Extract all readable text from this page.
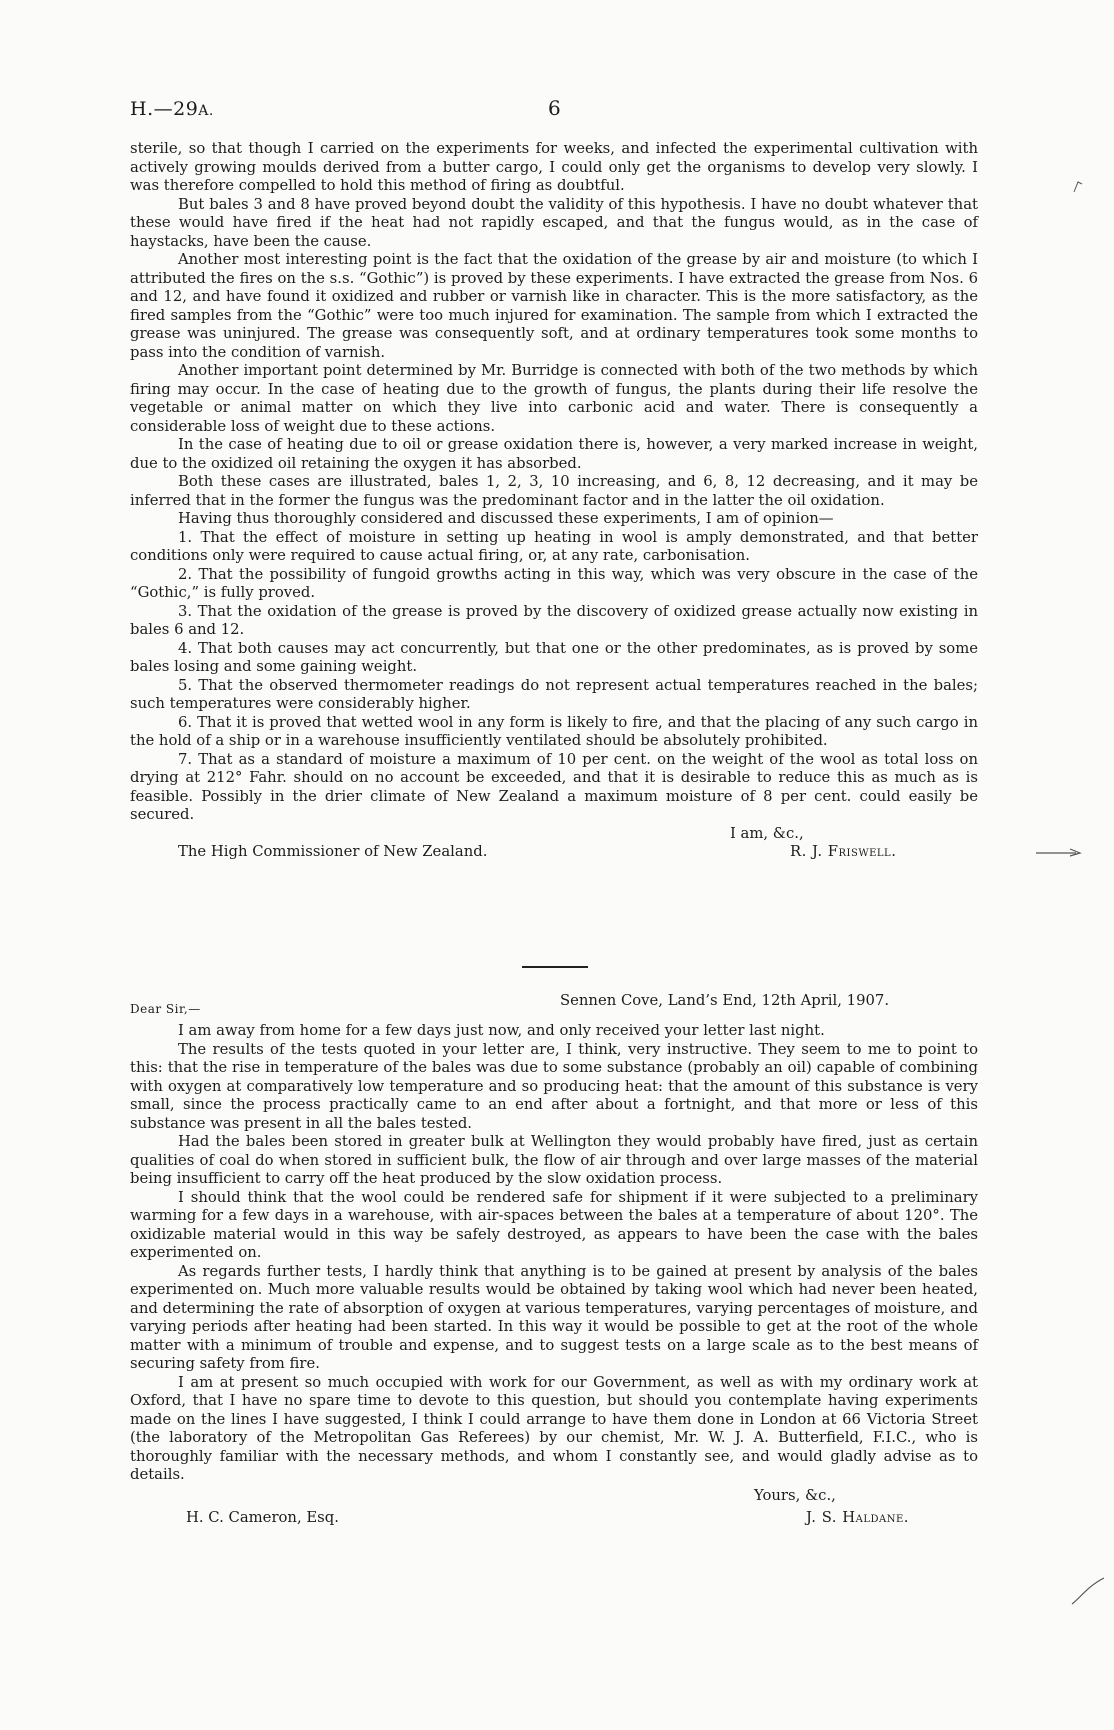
H.—29A.	6

sterile, so that though I carried on the experiments for weeks, and infected the experimental cultivation with actively growing moulds derived from a butter cargo, I could only get the organisms to develop very slowly. I was therefore compelled to hold this method of firing as doubtful.

But bales 3 and 8 have proved beyond doubt the validity of this hypothesis. I have no doubt whatever that these would have fired if the heat had not rapidly escaped, and that the fungus would, as in the case of haystacks, have been the cause.

Another most interesting point is the fact that the oxidation of the grease by air and moisture (to which I attributed the fires on the s.s. “Gothic”) is proved by these experiments. I have extracted the grease from Nos. 6 and 12, and have found it oxidized and rubber or varnish like in character. This is the more satisfactory, as the fired samples from the “Gothic” were too much injured for examination. The sample from which I extracted the grease was uninjured. The grease was consequently soft, and at ordinary temperatures took some months to pass into the condition of varnish.

Another important point determined by Mr. Burridge is connected with both of the two methods by which firing may occur. In the case of heating due to the growth of fungus, the plants during their life resolve the vegetable or animal matter on which they live into carbonic acid and water. There is consequently a considerable loss of weight due to these actions.

In the case of heating due to oil or grease oxidation there is, however, a very marked increase in weight, due to the oxidized oil retaining the oxygen it has absorbed.

Both these cases are illustrated, bales 1, 2, 3, 10 increasing, and 6, 8, 12 decreasing, and it may be inferred that in the former the fungus was the predominant factor and in the latter the oil oxidation.

Having thus thoroughly considered and discussed these experiments, I am of opinion—

1. That the effect of moisture in setting up heating in wool is amply demonstrated, and that better conditions only were required to cause actual firing, or, at any rate, carbonisation.

2. That the possibility of fungoid growths acting in this way, which was very obscure in the case of the “Gothic,” is fully proved.

3. That the oxidation of the grease is proved by the discovery of oxidized grease actually now existing in bales 6 and 12.

4. That both causes may act concurrently, but that one or the other predominates, as is proved by some bales losing and some gaining weight.

5. That the observed thermometer readings do not represent actual temperatures reached in the bales; such temperatures were considerably higher.

6. That it is proved that wetted wool in any form is likely to fire, and that the placing of any such cargo in the hold of a ship or in a warehouse insufficiently ventilated should be absolutely prohibited.

7. That as a standard of moisture a maximum of 10 per cent. on the weight of the wool as total loss on drying at 212° Fahr. should on no account be exceeded, and that it is desirable to reduce this as much as is feasible. Possibly in the drier climate of New Zealand a maximum moisture of 8 per cent. could easily be secured.

I am, &c.,
The High Commissioner of New Zealand.	R. J. Friswell.
Dear Sir,—	Sennen Cove, Land’s End, 12th April, 1907.

I am away from home for a few days just now, and only received your letter last night.

The results of the tests quoted in your letter are, I think, very instructive. They seem to me to point to this: that the rise in temperature of the bales was due to some substance (probably an oil) capable of combining with oxygen at comparatively low temperature and so producing heat: that the amount of this substance is very small, since the process practically came to an end after about a fortnight, and that more or less of this substance was present in all the bales tested.

Had the bales been stored in greater bulk at Wellington they would probably have fired, just as certain qualities of coal do when stored in sufficient bulk, the flow of air through and over large masses of the material being insufficient to carry off the heat produced by the slow oxidation process.

I should think that the wool could be rendered safe for shipment if it were subjected to a preliminary warming for a few days in a warehouse, with air-spaces between the bales at a temperature of about 120°. The oxidizable material would in this way be safely destroyed, as appears to have been the case with the bales experimented on.

As regards further tests, I hardly think that anything is to be gained at present by analysis of the bales experimented on. Much more valuable results would be obtained by taking wool which had never been heated, and determining the rate of absorption of oxygen at various temperatures, varying percentages of moisture, and varying periods after heating had been started. In this way it would be possible to get at the root of the whole matter with a minimum of trouble and expense, and to suggest tests on a large scale as to the best means of securing safety from fire.

I am at present so much occupied with work for our Government, as well as with my ordinary work at Oxford, that I have no spare time to devote to this question, but should you contemplate having experiments made on the lines I have suggested, I think I could arrange to have them done in London at 66 Victoria Street (the laboratory of the Metropolitan Gas Referees) by our chemist, Mr. W. J. A. Butterfield, F.I.C., who is thoroughly familiar with the necessary methods, and whom I constantly see, and would gladly advise as to details.

Yours, &c.,
H. C. Cameron, Esq.	J. S. Haldane.
